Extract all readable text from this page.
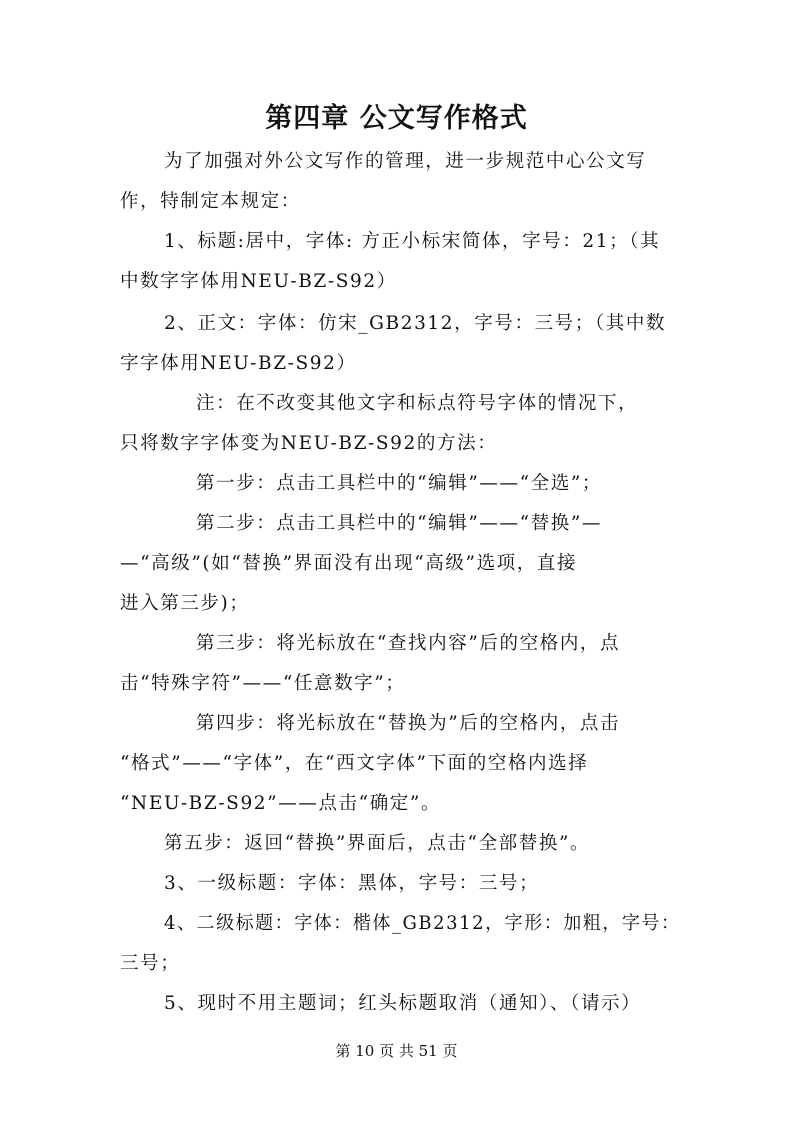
第四章 公文写作格式
为了加强对外公文写作的管理，进一步规范中心公文写
作，特制定本规定：
1、标题:居中，字体: 方正小标宋简体，字号：21；（其
中数字字体用NEU-BZ-S92）
2、正文：字体：仿宋_GB2312，字号：三号；（其中数
字字体用NEU-BZ-S92）
注：在不改变其他文字和标点符号字体的情况下，
只将数字字体变为NEU-BZ-S92的方法：
第一步：点击工具栏中的“编辑”——“全选”；
第二步：点击工具栏中的“编辑”——“替换”—
—“高级”(如“替换”界面没有出现“高级”选项，直接
进入第三步)；
第三步：将光标放在“查找内容”后的空格内，点
击“特殊字符”——“任意数字”；
第四步：将光标放在“替换为”后的空格内，点击
“格式”——“字体”，在“西文字体”下面的空格内选择
“NEU-BZ-S92”——点击“确定”。
第五步：返回“替换”界面后，点击“全部替换”。
3、一级标题：字体：黑体，字号：三号；
4、二级标题：字体：楷体_GB2312，字形：加粗，字号：
三号；
5、现时不用主题词；红头标题取消（通知）、（请示）
第 10 页 共 51 页
